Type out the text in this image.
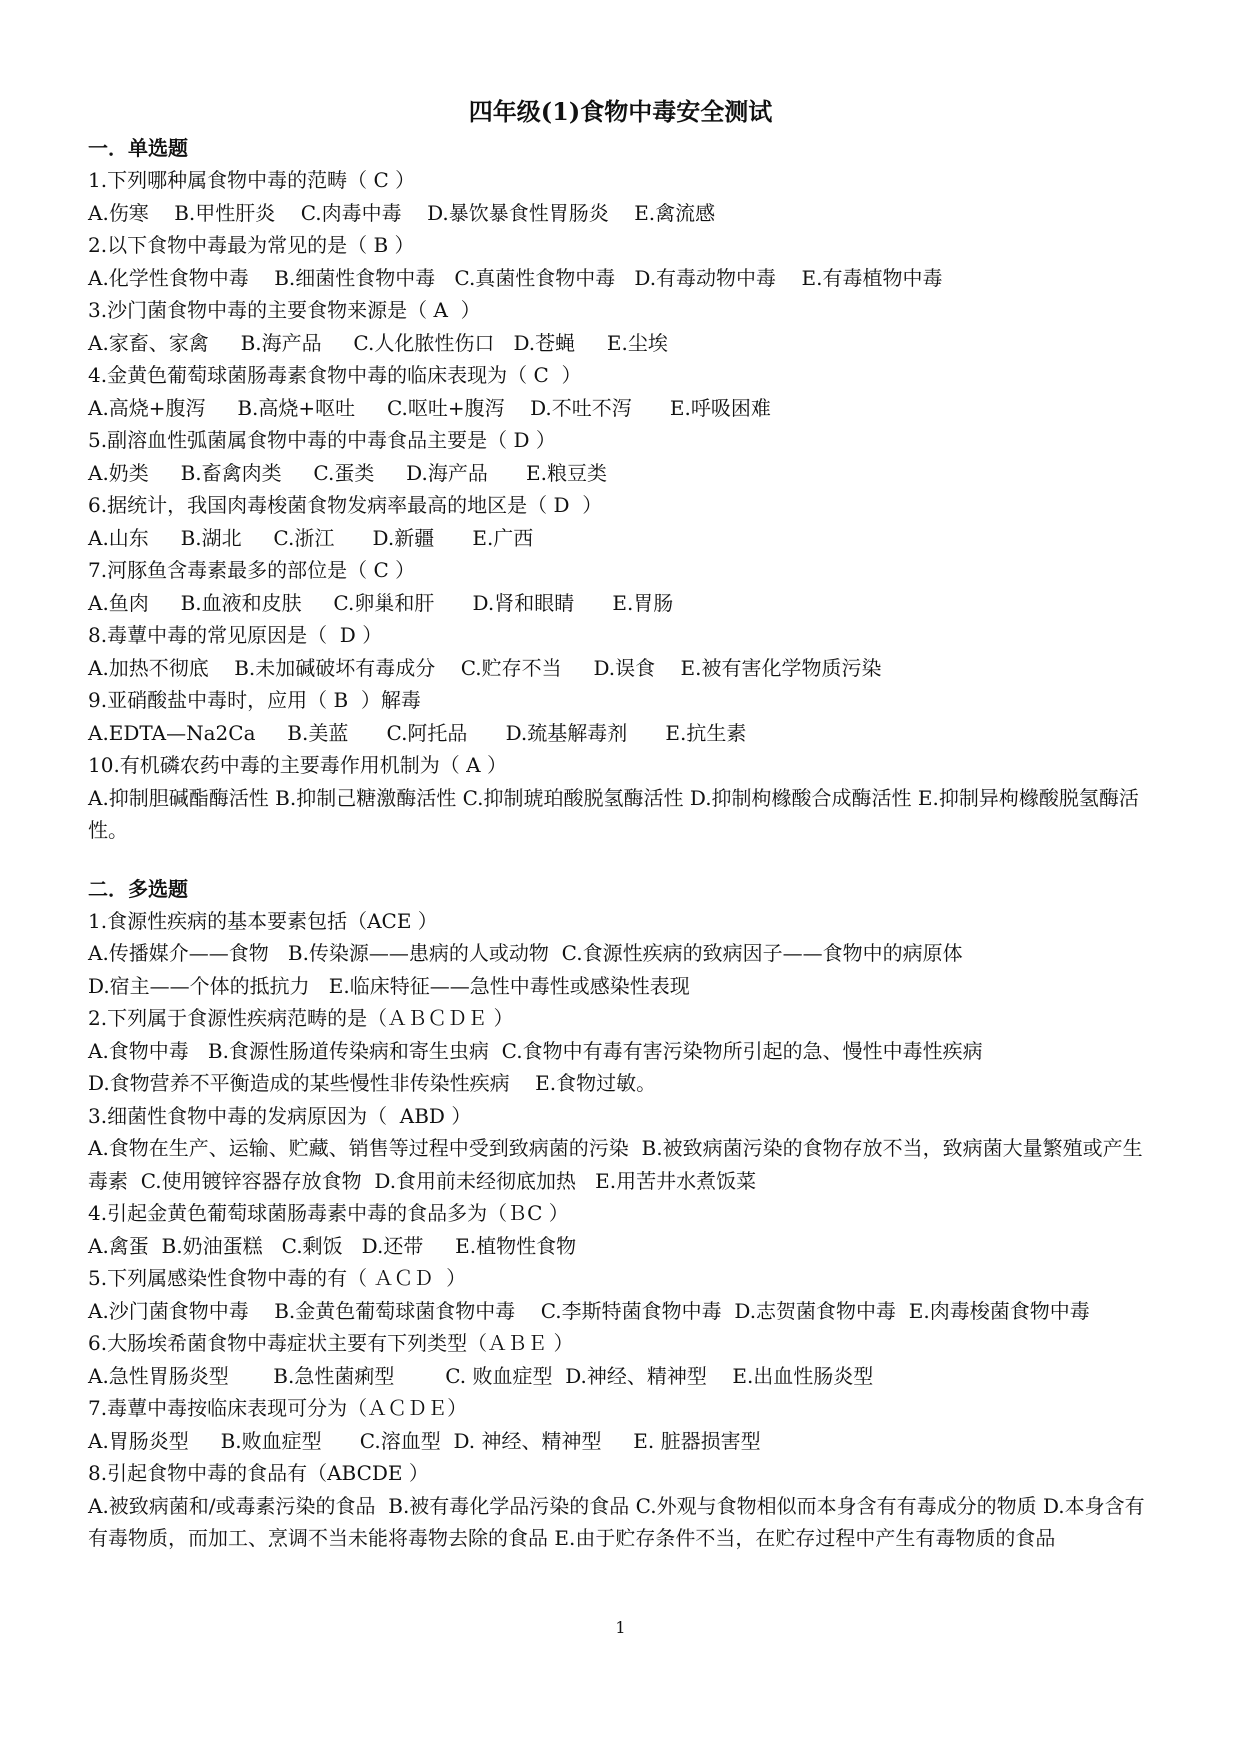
四年级(1)食物中毒安全测试
一．单选题
1.下列哪种属食物中毒的范畴（ C ）
A.伤寒    B.甲性肝炎    C.肉毒中毒    D.暴饮暴食性胃肠炎    E.禽流感
2.以下食物中毒最为常见的是（ B ）
A.化学性食物中毒    B.细菌性食物中毒   C.真菌性食物中毒   D.有毒动物中毒    E.有毒植物中毒
3.沙门菌食物中毒的主要食物来源是（ A  ）
A.家畜、家禽     B.海产品     C.人化脓性伤口   D.苍蝇     E.尘埃
4.金黄色葡萄球菌肠毒素食物中毒的临床表现为（ C  ）
A.高烧+腹泻     B.高烧+呕吐     C.呕吐+腹泻    D.不吐不泻      E.呼吸困难
5.副溶血性弧菌属食物中毒的中毒食品主要是（ D ）
A.奶类     B.畜禽肉类     C.蛋类     D.海产品      E.粮豆类
6.据统计，我国肉毒梭菌食物发病率最高的地区是（ D  ）
A.山东     B.湖北     C.浙江      D.新疆      E.广西
7.河豚鱼含毒素最多的部位是（ C ）
A.鱼肉     B.血液和皮肤     C.卵巢和肝      D.肾和眼睛      E.胃肠
8.毒蕈中毒的常见原因是（  D ）
A.加热不彻底    B.未加碱破坏有毒成分    C.贮存不当     D.误食    E.被有害化学物质污染
9.亚硝酸盐中毒时，应用（ B  ）解毒
A.EDTA—Na2Ca     B.美蓝      C.阿托品      D.巯基解毒剂      E.抗生素
10.有机磷农药中毒的主要毒作用机制为（ A ）
A.抑制胆碱酯酶活性 B.抑制己糖激酶活性 C.抑制琥珀酸脱氢酶活性 D.抑制枸橼酸合成酶活性 E.抑制异枸橼酸脱氢酶活性。
二．多选题
1.食源性疾病的基本要素包括（ACE ）
A.传播媒介——食物   B.传染源——患病的人或动物  C.食源性疾病的致病因子——食物中的病原体
D.宿主——个体的抵抗力   E.临床特征——急性中毒性或感染性表现
2.下列属于食源性疾病范畴的是（ＡＢＣＤＥ ）
A.食物中毒   B.食源性肠道传染病和寄生虫病  C.食物中有毒有害污染物所引起的急、慢性中毒性疾病
D.食物营养不平衡造成的某些慢性非传染性疾病    E.食物过敏。
3.细菌性食物中毒的发病原因为（  ABD ）
A.食物在生产、运输、贮藏、销售等过程中受到致病菌的污染  B.被致病菌污染的食物存放不当，致病菌大量繁殖或产生毒素  C.使用镀锌容器存放食物  D.食用前未经彻底加热   E.用苦井水煮饭菜
4.引起金黄色葡萄球菌肠毒素中毒的食品多为（ＢC ）
A.禽蛋  B.奶油蛋糕   C.剩饭   D.还带     E.植物性食物
5.下列属感染性食物中毒的有（ ＡＣＤ  ）
A.沙门菌食物中毒    B.金黄色葡萄球菌食物中毒    C.李斯特菌食物中毒  D.志贺菌食物中毒  E.肉毒梭菌食物中毒
6.大肠埃希菌食物中毒症状主要有下列类型（ＡＢＥ ）
A.急性胃肠炎型       B.急性菌痢型        C. 败血症型  D.神经、精神型    E.出血性肠炎型
7.毒蕈中毒按临床表现可分为（ＡＣＤＥ）
A.胃肠炎型     B.败血症型      C.溶血型  D. 神经、精神型     E. 脏器损害型
8.引起食物中毒的食品有（ABCDE ）
A.被致病菌和/或毒素污染的食品  B.被有毒化学品污染的食品 C.外观与食物相似而本身含有有毒成分的物质 D.本身含有有毒物质，而加工、烹调不当未能将毒物去除的食品 E.由于贮存条件不当，在贮存过程中产生有毒物质的食品
1
